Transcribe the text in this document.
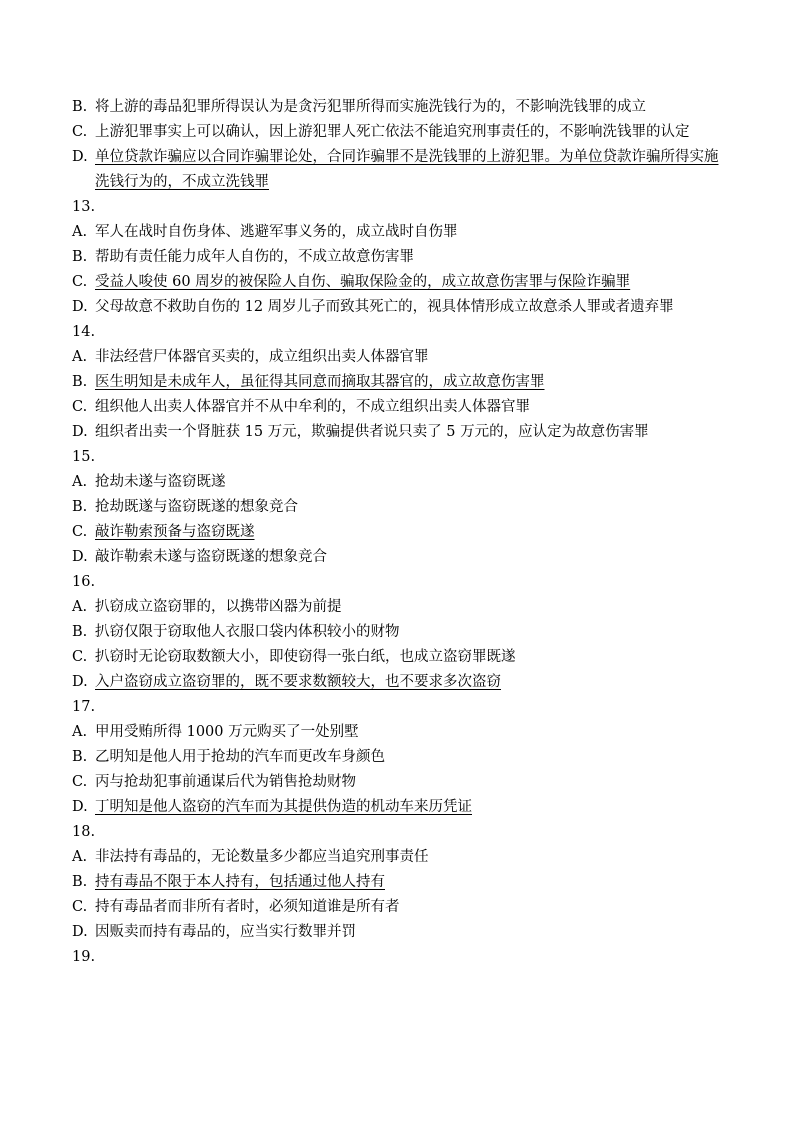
B. 将上游的毒品犯罪所得误认为是贪污犯罪所得而实施洗钱行为的，不影响洗钱罪的成立
C. 上游犯罪事实上可以确认，因上游犯罪人死亡依法不能追究刑事责任的，不影响洗钱罪的认定
D. 单位贷款诈骗应以合同诈骗罪论处，合同诈骗罪不是洗钱罪的上游犯罪。为单位贷款诈骗所得实施洗钱行为的，不成立洗钱罪
13.
A. 军人在战时自伤身体、逃避军事义务的，成立战时自伤罪
B. 帮助有责任能力成年人自伤的，不成立故意伤害罪
C. 受益人唆使 60 周岁的被保险人自伤、骗取保险金的，成立故意伤害罪与保险诈骗罪
D. 父母故意不救助自伤的 12 周岁儿子而致其死亡的，视具体情形成立故意杀人罪或者遗弃罪
14.
A. 非法经营尸体器官买卖的，成立组织出卖人体器官罪
B. 医生明知是未成年人，虽征得其同意而摘取其器官的，成立故意伤害罪
C. 组织他人出卖人体器官并不从中牟利的，不成立组织出卖人体器官罪
D. 组织者出卖一个肾脏获 15 万元，欺骗提供者说只卖了 5 万元的，应认定为故意伤害罪
15.
A. 抢劫未遂与盗窃既遂
B. 抢劫既遂与盗窃既遂的想象竞合
C. 敲诈勒索预备与盗窃既遂
D. 敲诈勒索未遂与盗窃既遂的想象竞合
16.
A. 扒窃成立盗窃罪的，以携带凶器为前提
B. 扒窃仅限于窃取他人衣服口袋内体积较小的财物
C. 扒窃时无论窃取数额大小，即使窃得一张白纸，也成立盗窃罪既遂
D. 入户盗窃成立盗窃罪的，既不要求数额较大，也不要求多次盗窃
17.
A. 甲用受贿所得 1000 万元购买了一处别墅
B. 乙明知是他人用于抢劫的汽车而更改车身颜色
C. 丙与抢劫犯事前通谋后代为销售抢劫财物
D. 丁明知是他人盗窃的汽车而为其提供伪造的机动车来历凭证
18.
A. 非法持有毒品的，无论数量多少都应当追究刑事责任
B. 持有毒品不限于本人持有，包括通过他人持有
C. 持有毒品者而非所有者时，必须知道谁是所有者
D. 因贩卖而持有毒品的，应当实行数罪并罚
19.
